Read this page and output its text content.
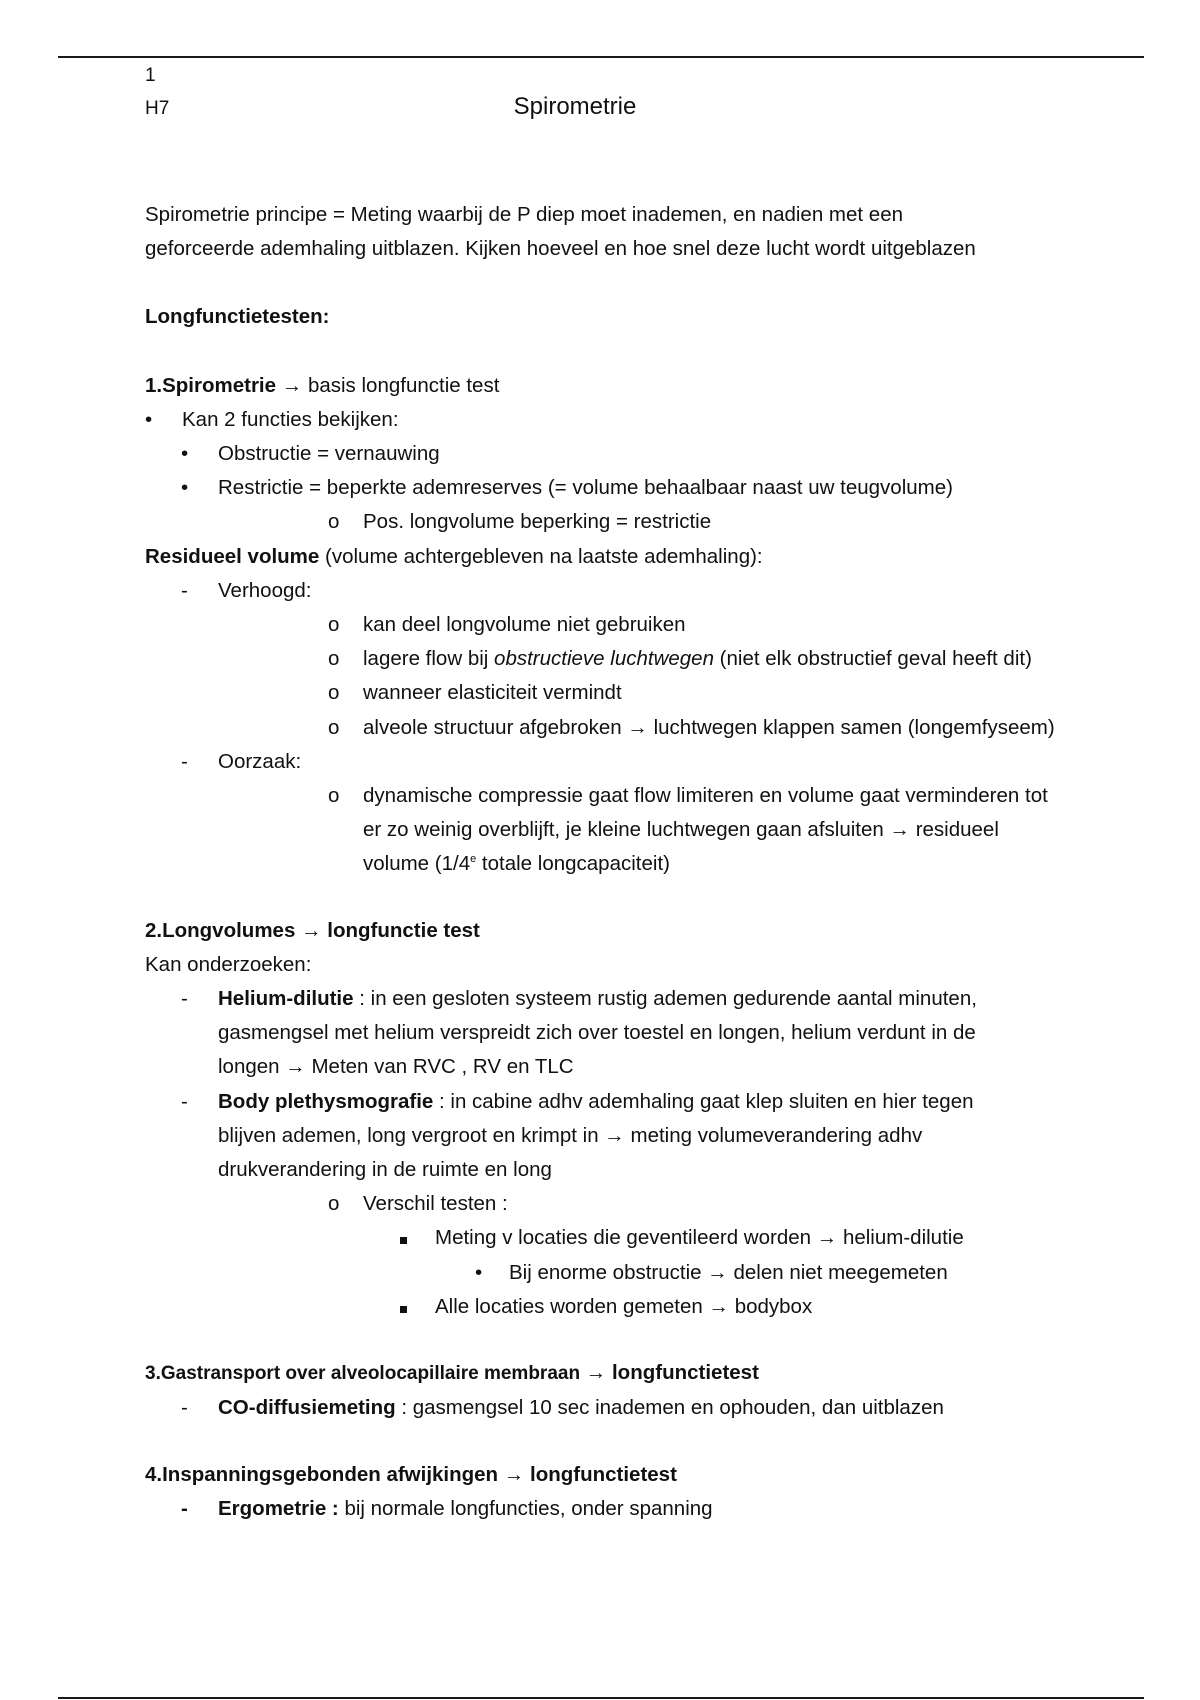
1
H7	Spirometrie

Spirometrie principe = Meting waarbij de P diep moet inademen, en nadien met een

geforceerde ademhaling uitblazen. Kijken hoeveel en hoe snel deze lucht wordt uitgeblazen

Longfunctietesten:

1.Spirometrie → basis longfunctie test

• Kan 2 functies bekijken:

• Obstructie = vernauwing

• Restrictie = beperkte ademreserves (= volume behaalbaar naast uw teugvolume)

o Pos. longvolume beperking = restrictie

Residueel volume (volume achtergebleven na laatste ademhaling):

- Verhoogd:

o kan deel longvolume niet gebruiken

o lagere flow bij obstructieve luchtwegen (niet elk obstructief geval heeft dit)

o wanneer elasticiteit vermindt

o alveole structuur afgebroken → luchtwegen klappen samen (longemfyseem)

- Oorzaak:

o dynamische compressie gaat flow limiteren en volume gaat verminderen tot

er zo weinig overblijft, je kleine luchtwegen gaan afsluiten → residueel

volume (1/4e totale longcapaciteit)

2.Longvolumes → longfunctie test

Kan onderzoeken:

- Helium-dilutie : in een gesloten systeem rustig ademen gedurende aantal minuten,

gasmengsel met helium verspreidt zich over toestel en longen, helium verdunt in de

longen → Meten van RVC , RV en TLC

- Body plethysmografie : in cabine adhv ademhaling gaat klep sluiten en hier tegen

blijven ademen, long vergroot en krimpt in → meting volumeverandering adhv

drukverandering in de ruimte en long

o Verschil testen :

Meting v locaties die geventileerd worden → helium-dilutie

• Bij enorme obstructie → delen niet meegemeten

Alle locaties worden gemeten → bodybox

3.Gastransport over alveolocapillaire membraan → longfunctietest

- CO-diffusiemeting : gasmengsel 10 sec inademen en ophouden, dan uitblazen

4.Inspanningsgebonden afwijkingen → longfunctietest

- Ergometrie : bij normale longfuncties, onder spanning
